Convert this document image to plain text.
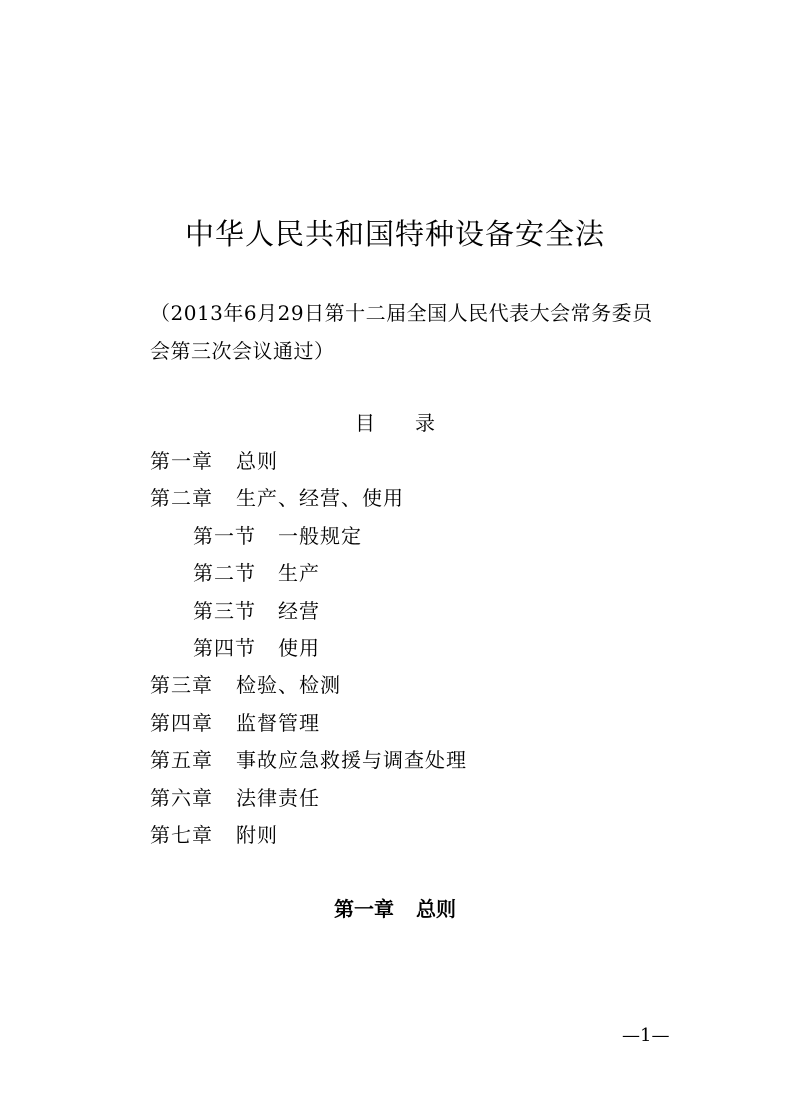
中华人民共和国特种设备安全法
（2013年6月29日第十二届全国人民代表大会常务委员会第三次会议通过）
目录
第一章 总则
第二章 生产、经营、使用
第一节 一般规定
第二节 生产
第三节 经营
第四节 使用
第三章 检验、检测
第四章 监督管理
第五章 事故应急救援与调查处理
第六章 法律责任
第七章 附则
第一章 总则
—1—
